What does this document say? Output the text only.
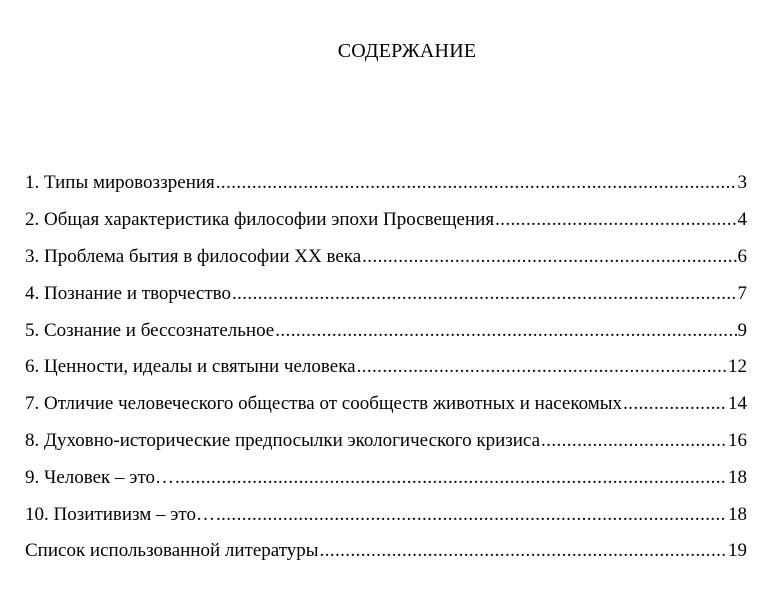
СОДЕРЖАНИЕ
1. Типы мировоззрения .....	3
2. Общая характеристика философии эпохи Просвещения .....	4
3. Проблема бытия в философии XX века .....	6
4. Познание и творчество .....	7
5. Сознание и бессознательное .....	9
6. Ценности, идеалы и святыни человека .....	12
7. Отличие человеческого общества от сообществ животных и насекомых .....	14
8. Духовно-исторические предпосылки экологического кризиса .....	16
9. Человек – это… .....	18
10. Позитивизм – это… .....	18
Список использованной литературы .....	19
